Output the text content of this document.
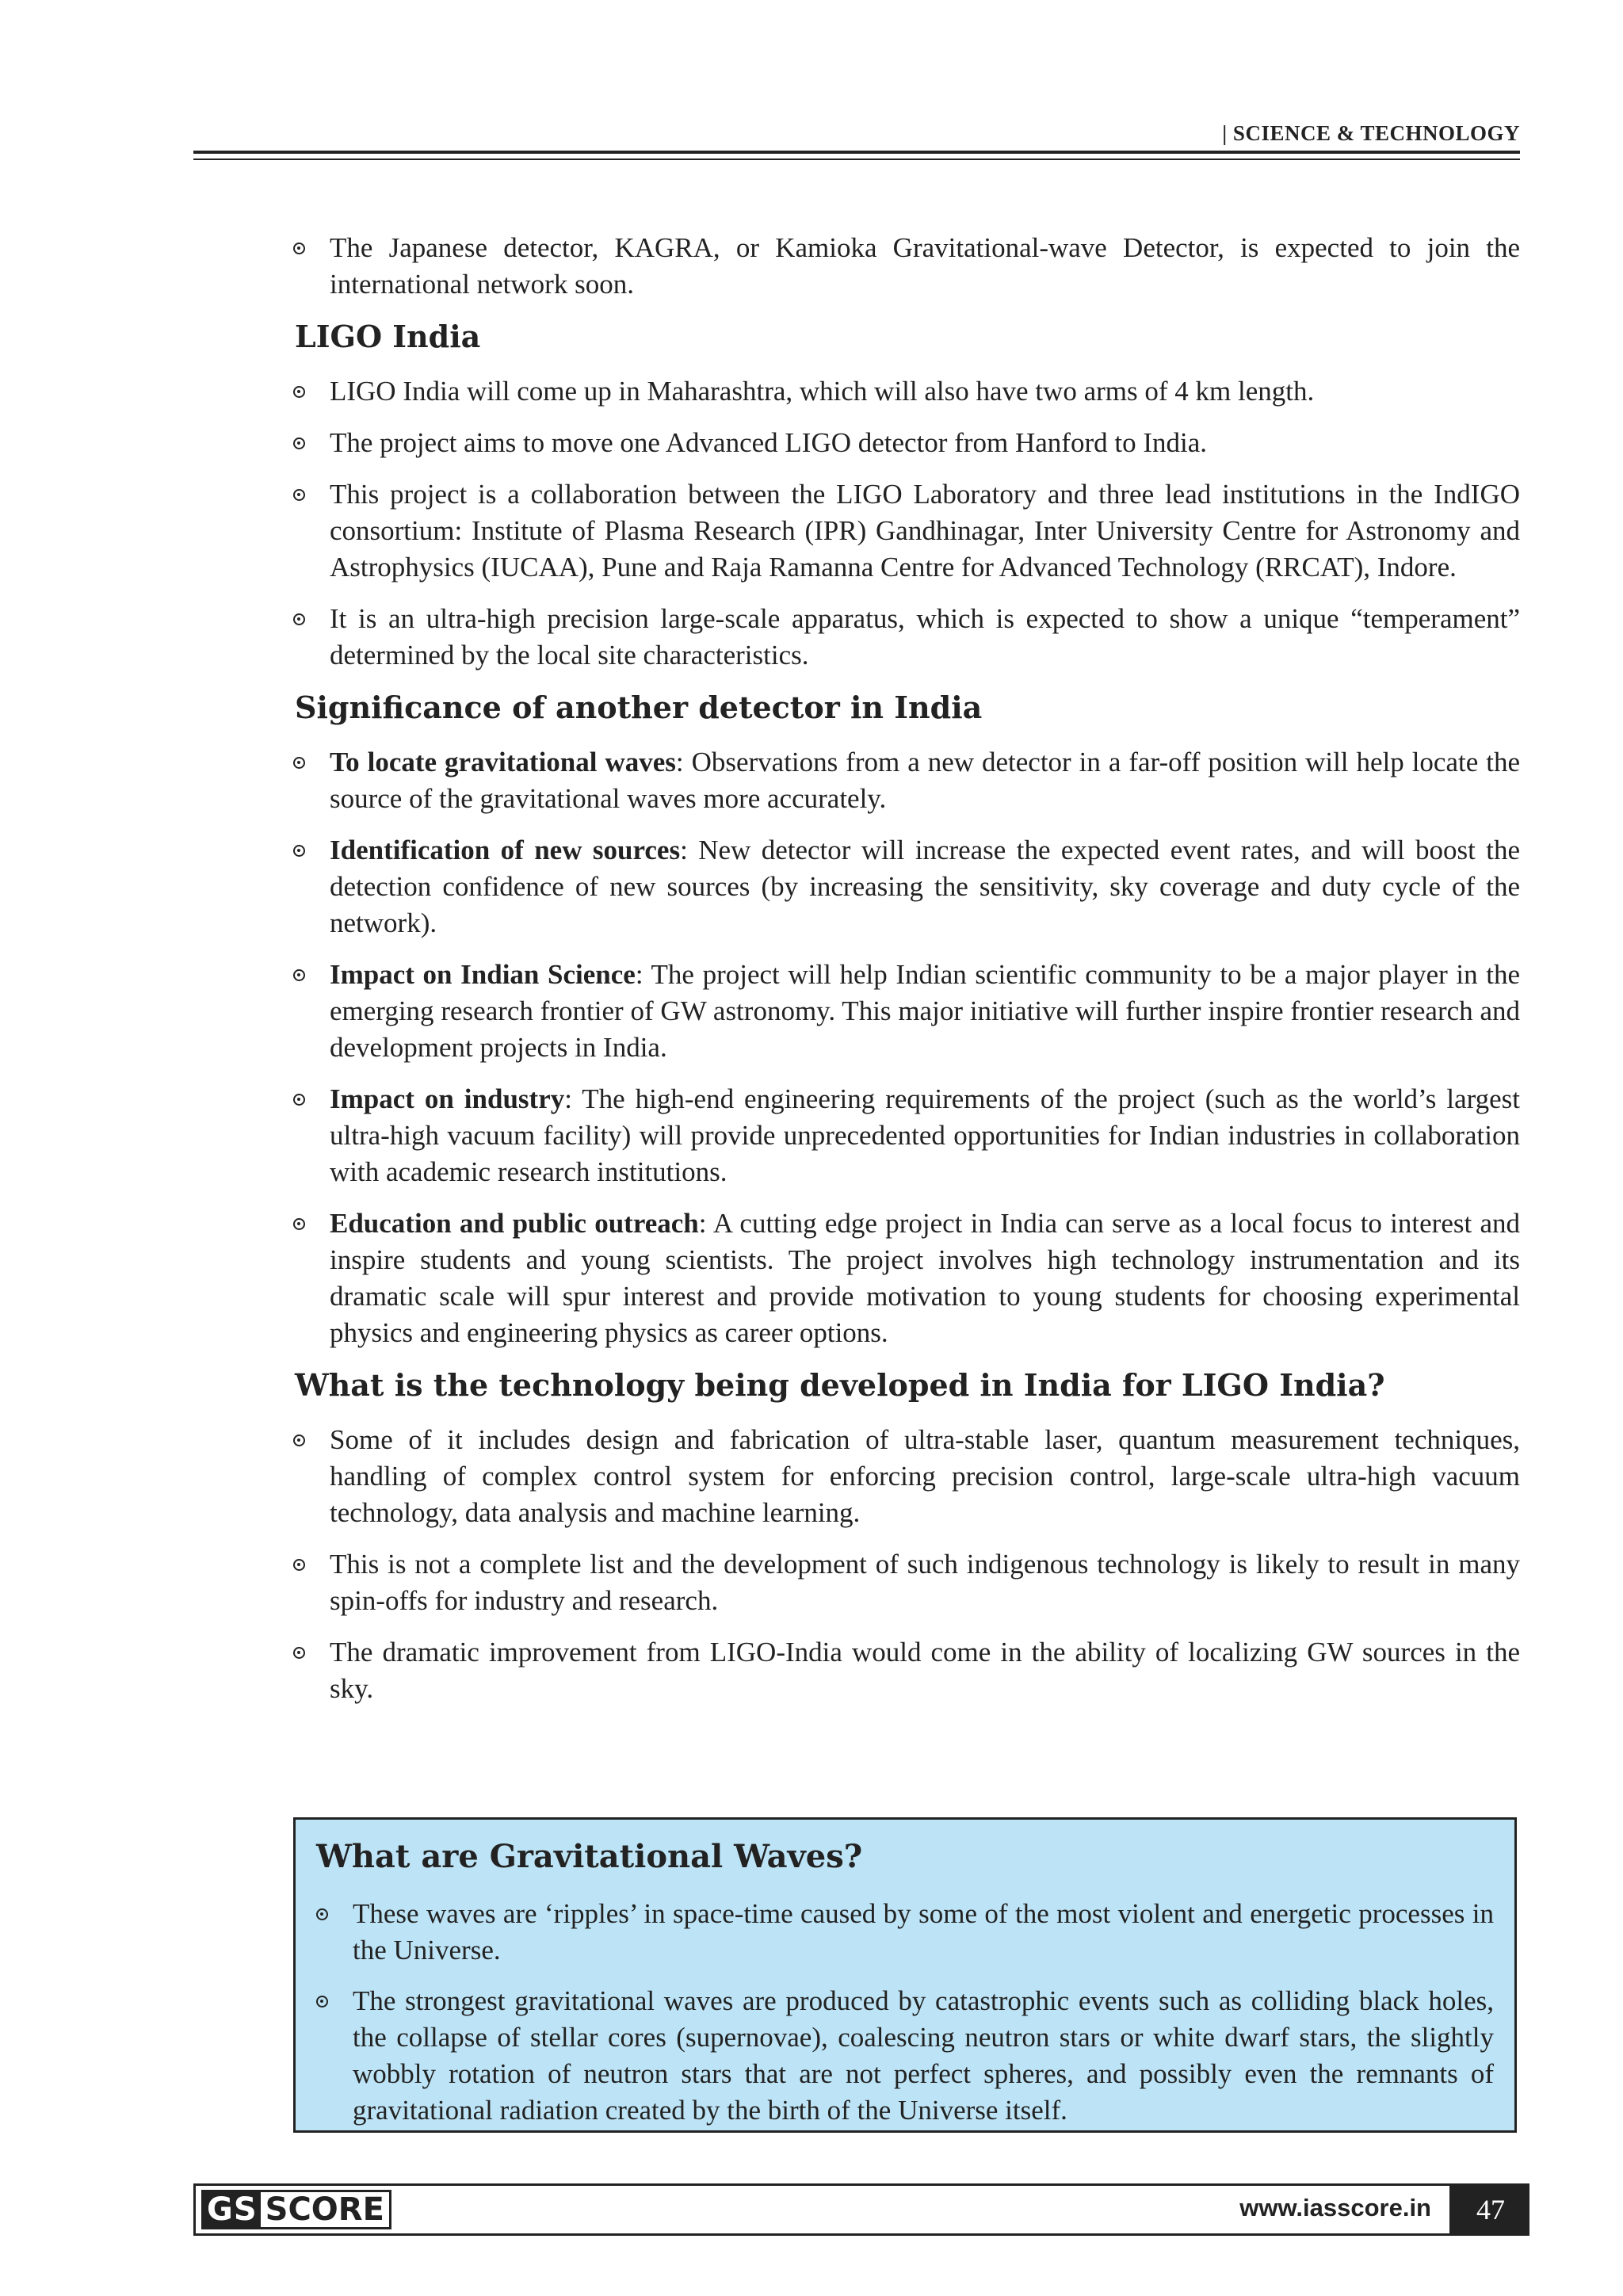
| SCIENCE & TECHNOLOGY
The Japanese detector, KAGRA, or Kamioka Gravitational-wave Detector, is expected to join the international network soon.
LIGO India
LIGO India will come up in Maharashtra, which will also have two arms of 4 km length.
The project aims to move one Advanced LIGO detector from Hanford to India.
This project is a collaboration between the LIGO Laboratory and three lead institutions in the IndIGO consortium: Institute of Plasma Research (IPR) Gandhinagar, Inter University Centre for Astronomy and Astrophysics (IUCAA), Pune and Raja Ramanna Centre for Advanced Technology (RRCAT), Indore.
It is an ultra-high precision large-scale apparatus, which is expected to show a unique “temperament” determined by the local site characteristics.
Significance of another detector in India
To locate gravitational waves: Observations from a new detector in a far-off position will help locate the source of the gravitational waves more accurately.
Identification of new sources: New detector will increase the expected event rates, and will boost the detection confidence of new sources (by increasing the sensitivity, sky coverage and duty cycle of the network).
Impact on Indian Science: The project will help Indian scientific community to be a major player in the emerging research frontier of GW astronomy. This major initiative will further inspire frontier research and development projects in India.
Impact on industry: The high-end engineering requirements of the project (such as the world’s largest ultra-high vacuum facility) will provide unprecedented opportunities for Indian industries in collaboration with academic research institutions.
Education and public outreach: A cutting edge project in India can serve as a local focus to interest and inspire students and young scientists. The project involves high technology instrumentation and its dramatic scale will spur interest and provide motivation to young students for choosing experimental physics and engineering physics as career options.
What is the technology being developed in India for LIGO India?
Some of it includes design and fabrication of ultra-stable laser, quantum measurement techniques, handling of complex control system for enforcing precision control, large-scale ultra-high vacuum technology, data analysis and machine learning.
This is not a complete list and the development of such indigenous technology is likely to result in many spin-offs for industry and research.
The dramatic improvement from LIGO-India would come in the ability of localizing GW sources in the sky.
What are Gravitational Waves?
These waves are ‘ripples’ in space-time caused by some of the most violent and energetic processes in the Universe.
The strongest gravitational waves are produced by catastrophic events such as colliding black holes, the collapse of stellar cores (supernovae), coalescing neutron stars or white dwarf stars, the slightly wobbly rotation of neutron stars that are not perfect spheres, and possibly even the remnants of gravitational radiation created by the birth of the Universe itself.
GS SCORE	www.iasscore.in	47
